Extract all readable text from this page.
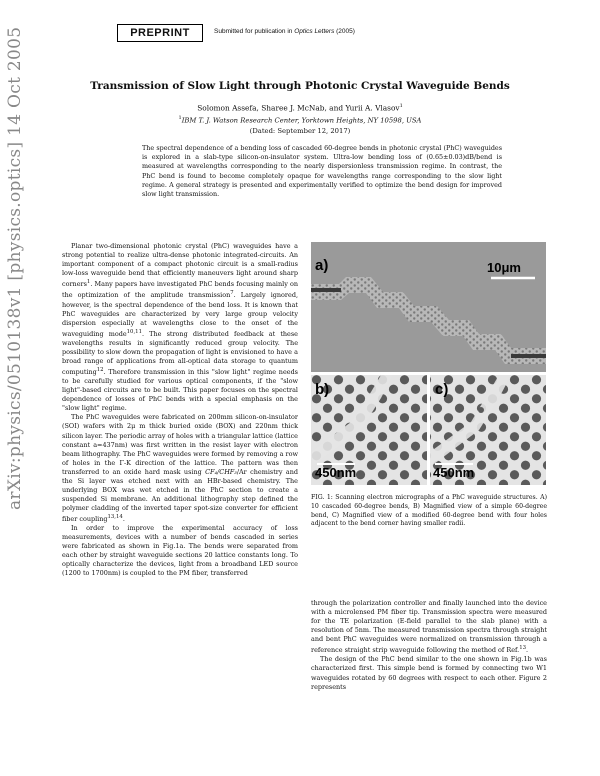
PREPRINT	Submitted for publication in Optics Letters (2005)
Transmission of Slow Light through Photonic Crystal Waveguide Bends
Solomon Assefa, Sharee J. McNab, and Yurii A. Vlasov$^1$
$^1$IBM T. J. Watson Research Center, Yorktown Heights, NY 10598, USA
(Dated: September 12, 2017)
The spectral dependence of a bending loss of cascaded 60-degree bends in photonic crystal (PhC) waveguides is explored in a slab-type silicon-on-insulator system. Ultra-low bending loss of (0.65±0.03)dB/bend is measured at wavelengths corresponding to the nearly dispersionless transmission regime. In contrast, the PhC bend is found to become completely opaque for wavelengths range corresponding to the slow light regime. A general strategy is presented and experimentally verified to optimize the bend design for improved slow light transmission.
arXiv:physics/0510138v1 [physics.optics] 14 Oct 2005	Planar two-dimensional photonic crystal (PhC) waveguides have a strong potential to realize ultra-dense photonic integrated-circuits. An important component of a compact photonic circuit is a small-radius low-loss waveguide bend that efficiently maneuvers light around sharp corners$^1$. Many papers have investigated PhC bends focusing mainly on the optimization of the amplitude transmission$^7$. Largely ignored, however, is the spectral dependence of the bend loss. It is known that PhC waveguides are characterized by very large group velocity dispersion especially at wavelengths close to the onset of the waveguiding mode$^{10,11}$. The strong distributed feedback at these wavelengths results in significantly reduced group velocity. The possibility to slow down the propagation of light is envisioned to have a broad range of applications from all-optical data storage to quantum computing$^{12}$. Therefore transmission in this "slow light" regime needs to be carefully studied for various optical components, if the "slow light"-based circuits are to be built. This paper focuses on the spectral dependence of losses of PhC bends with a special emphasis on the "slow light" regime.

The PhC waveguides were fabricated on 200mm silicon-on-insulator (SOI) wafers with 2μ m thick buried oxide (BOX) and 220nm thick silicon layer. The periodic array of holes with a triangular lattice (lattice constant a=437nm) was first written in the resist layer with electron beam lithography. The PhC waveguides were formed by removing a row of holes in the Γ-K direction of the lattice. The pattern was then transferred to an oxide hard mask using CF₄/CHF₃/Ar chemistry and the Si layer was etched next with an HBr-based chemistry. The underlying BOX was wet etched in the PhC section to create a suspended Si membrane. An additional lithography step defined the polymer cladding of the inverted taper spot-size converter for efficient fiber coupling$^{13,14}$.

In order to improve the experimental accuracy of loss measurements, devices with a number of bends cascaded in series were fabricated as shown in Fig.1a. The bends were separated from each other by straight waveguide sections 20 lattice constants long. To optically characterize the devices, light from a broadband LED source (1200 to 1700nm) is coupled to the PM fiber, transferred

a)	10μm
b)
450nm
c)
450nm
FIG. 1: Scanning electron micrographs of a PhC waveguide structures. A) 10 cascaded 60-degree bends, B) Magnified view of a simple 60-degree bend, C) Magnified view of a modified 60-degree bend with four holes adjacent to the bend corner having smaller radii.

through the polarization controller and finally launched into the device with a microlensed PM fiber tip. Transmission spectra were measured for the TE polarization (E-field parallel to the slab plane) with a resolution of 5nm. The measured transmission spectra through straight and bent PhC waveguides were normalized on transmission through a reference straight strip waveguide following the method of Ref.$^{13}$.

The design of the PhC bend similar to the one shown in Fig.1b was characterized first. This simple bend is formed by connecting two W1 waveguides rotated by 60 degrees with respect to each other. Figure 2 represents
